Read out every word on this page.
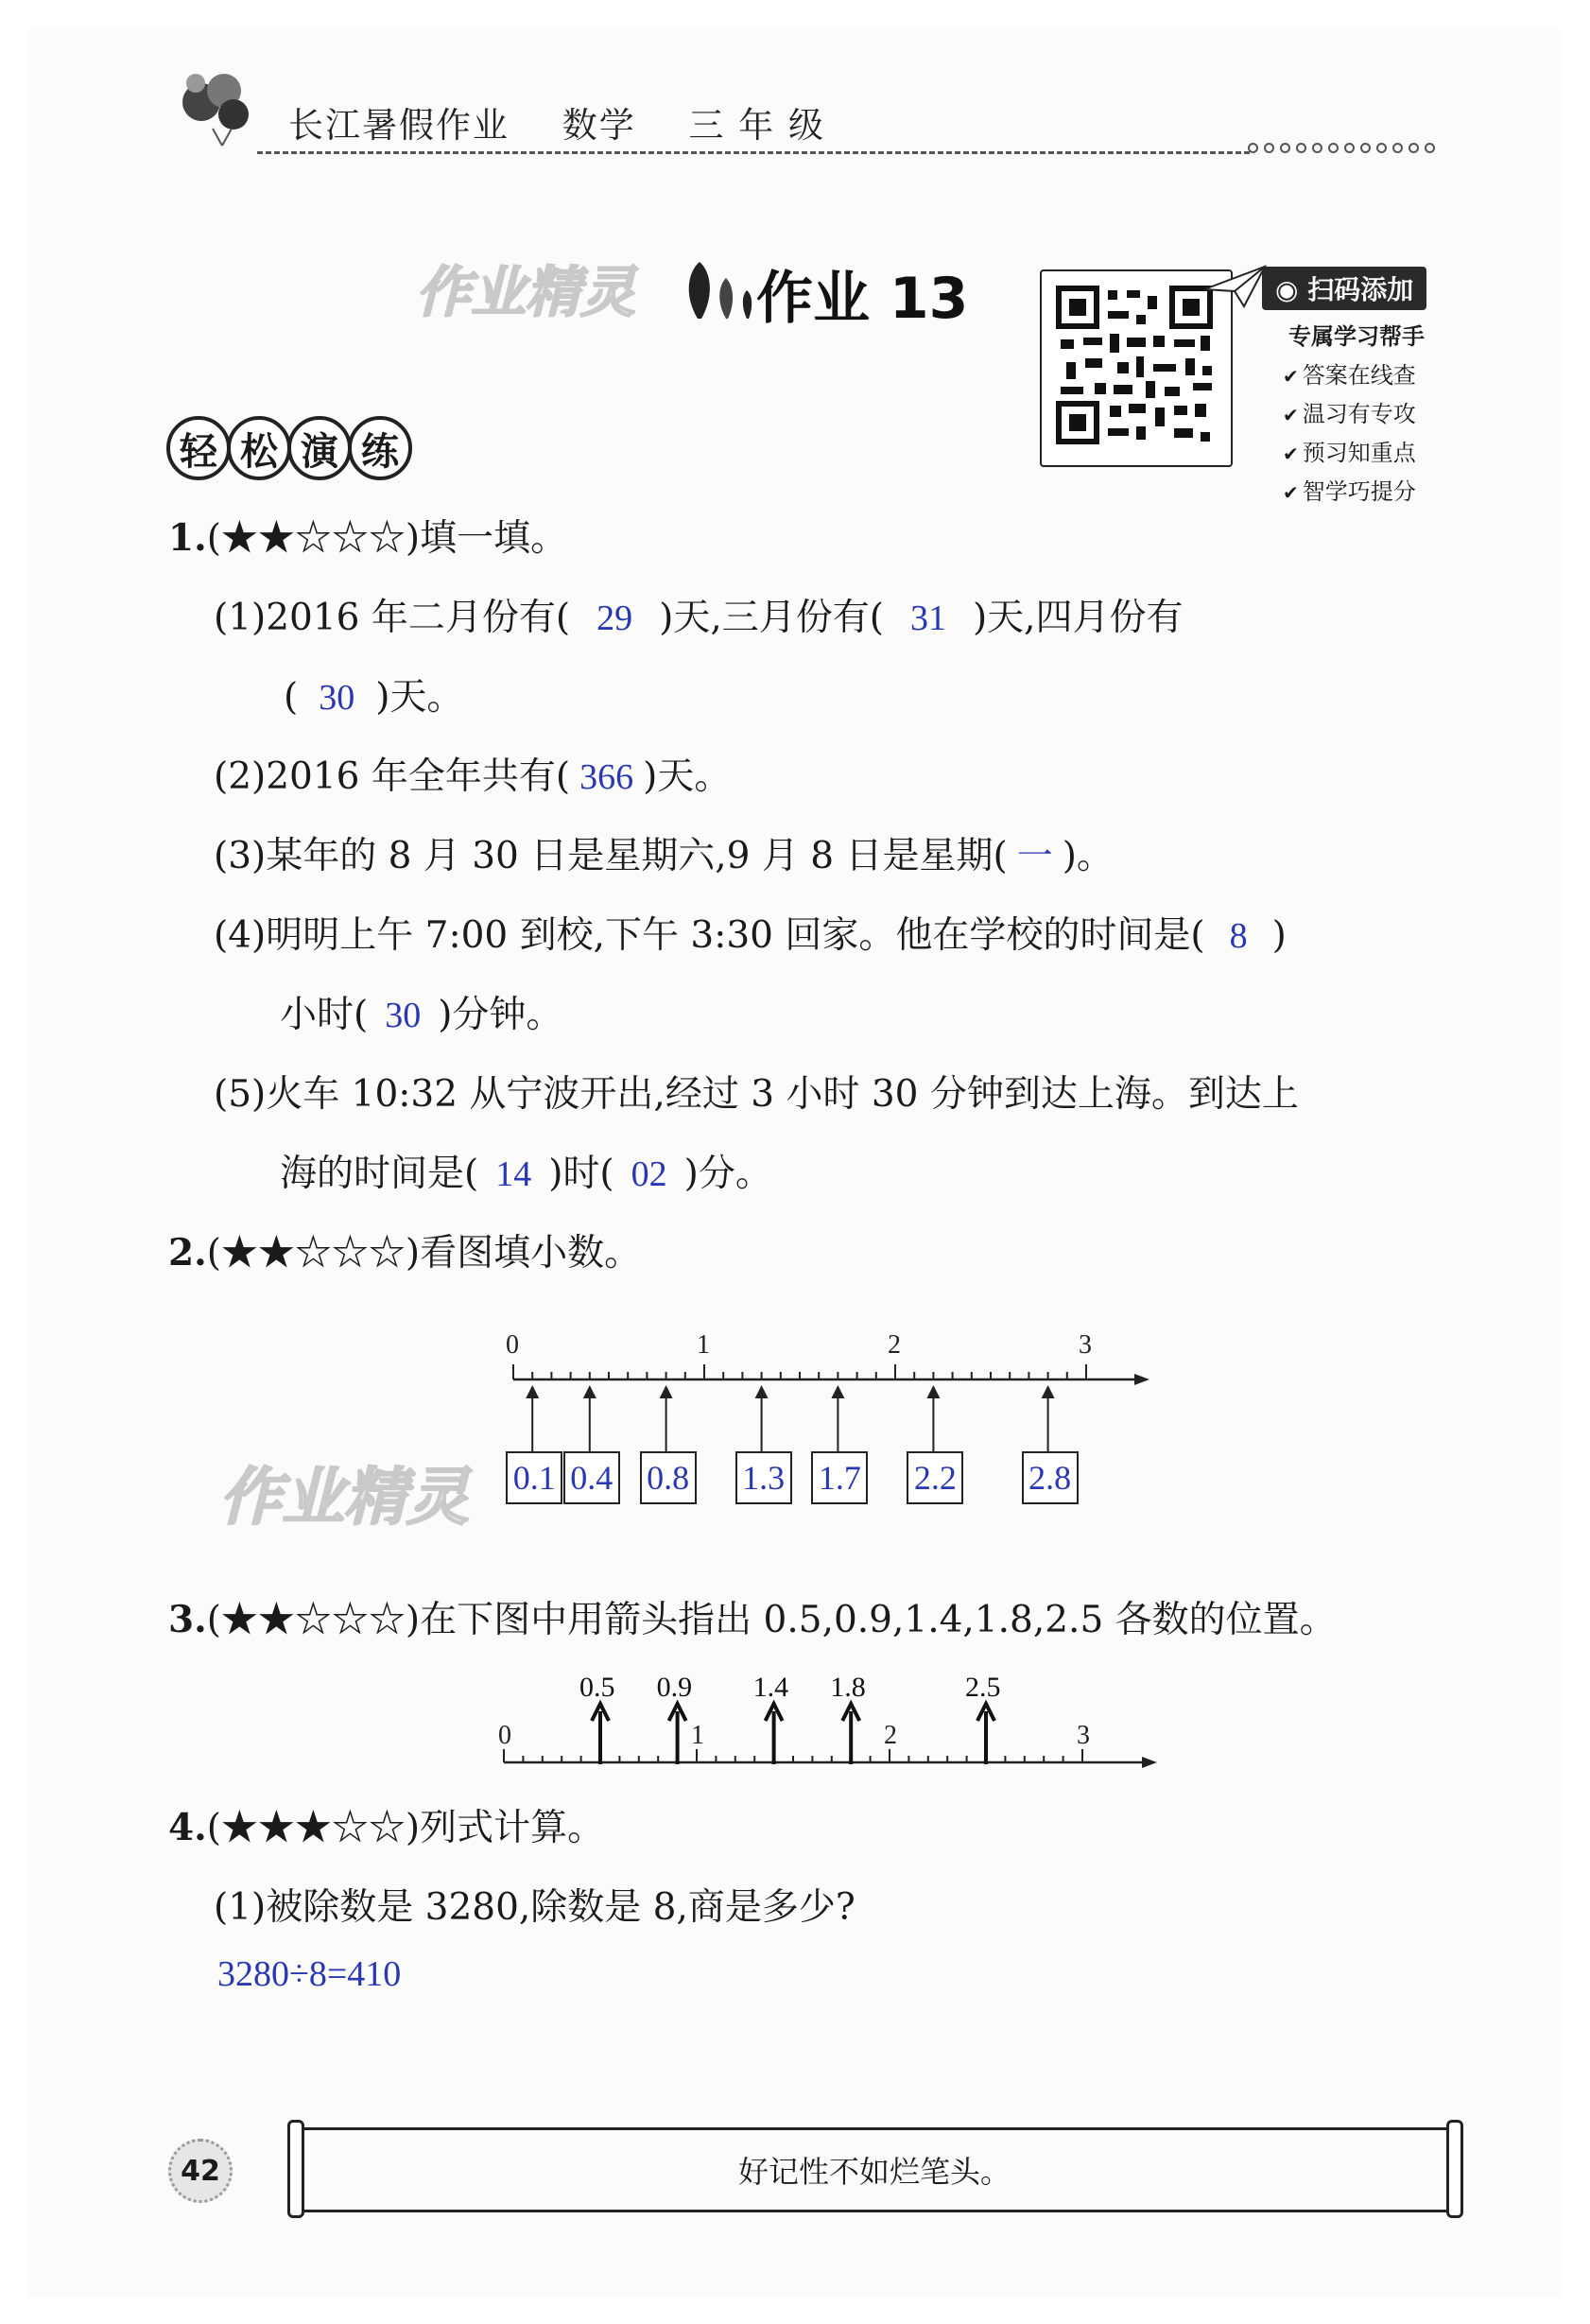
长江暑假作业 数学 三 年 级
作业精灵 作业 13	◉ 扫码添加
专属学习帮手
✔ 答案在线查
✔ 温习有专攻
✔ 预习知重点
✔ 智学巧提分
轻 松 演 练
1.(★★☆☆☆)填一填。
(1)2016 年二月份有( 29 )天,三月份有( 31 )天,四月份有
( 30 )天。
(2)2016 年全年共有( 366 )天。
(3)某年的 8 月 30 日是星期六,9 月 8 日是星期( 一 )。
(4)明明上午 7:00 到校,下午 3:30 回家。他在学校的时间是( 8 )
小时( 30 )分钟。
(5)火车 10:32 从宁波开出,经过 3 小时 30 分钟到达上海。到达上
海的时间是( 14 )时( 02 )分。
2.(★★☆☆☆)看图填小数。
作业精灵
0	1	2	3
0.1 0.4 0.8 1.3 1.7 2.2 2.8
3.(★★☆☆☆)在下图中用箭头指出 0.5,0.9,1.4,1.8,2.5 各数的位置。
0	1	2	3
0.5 0.9 1.4 1.8	2.5
4.(★★★☆☆)列式计算。
(1)被除数是 3280,除数是 8,商是多少?
3280÷8=410
42	好记性不如烂笔头。
